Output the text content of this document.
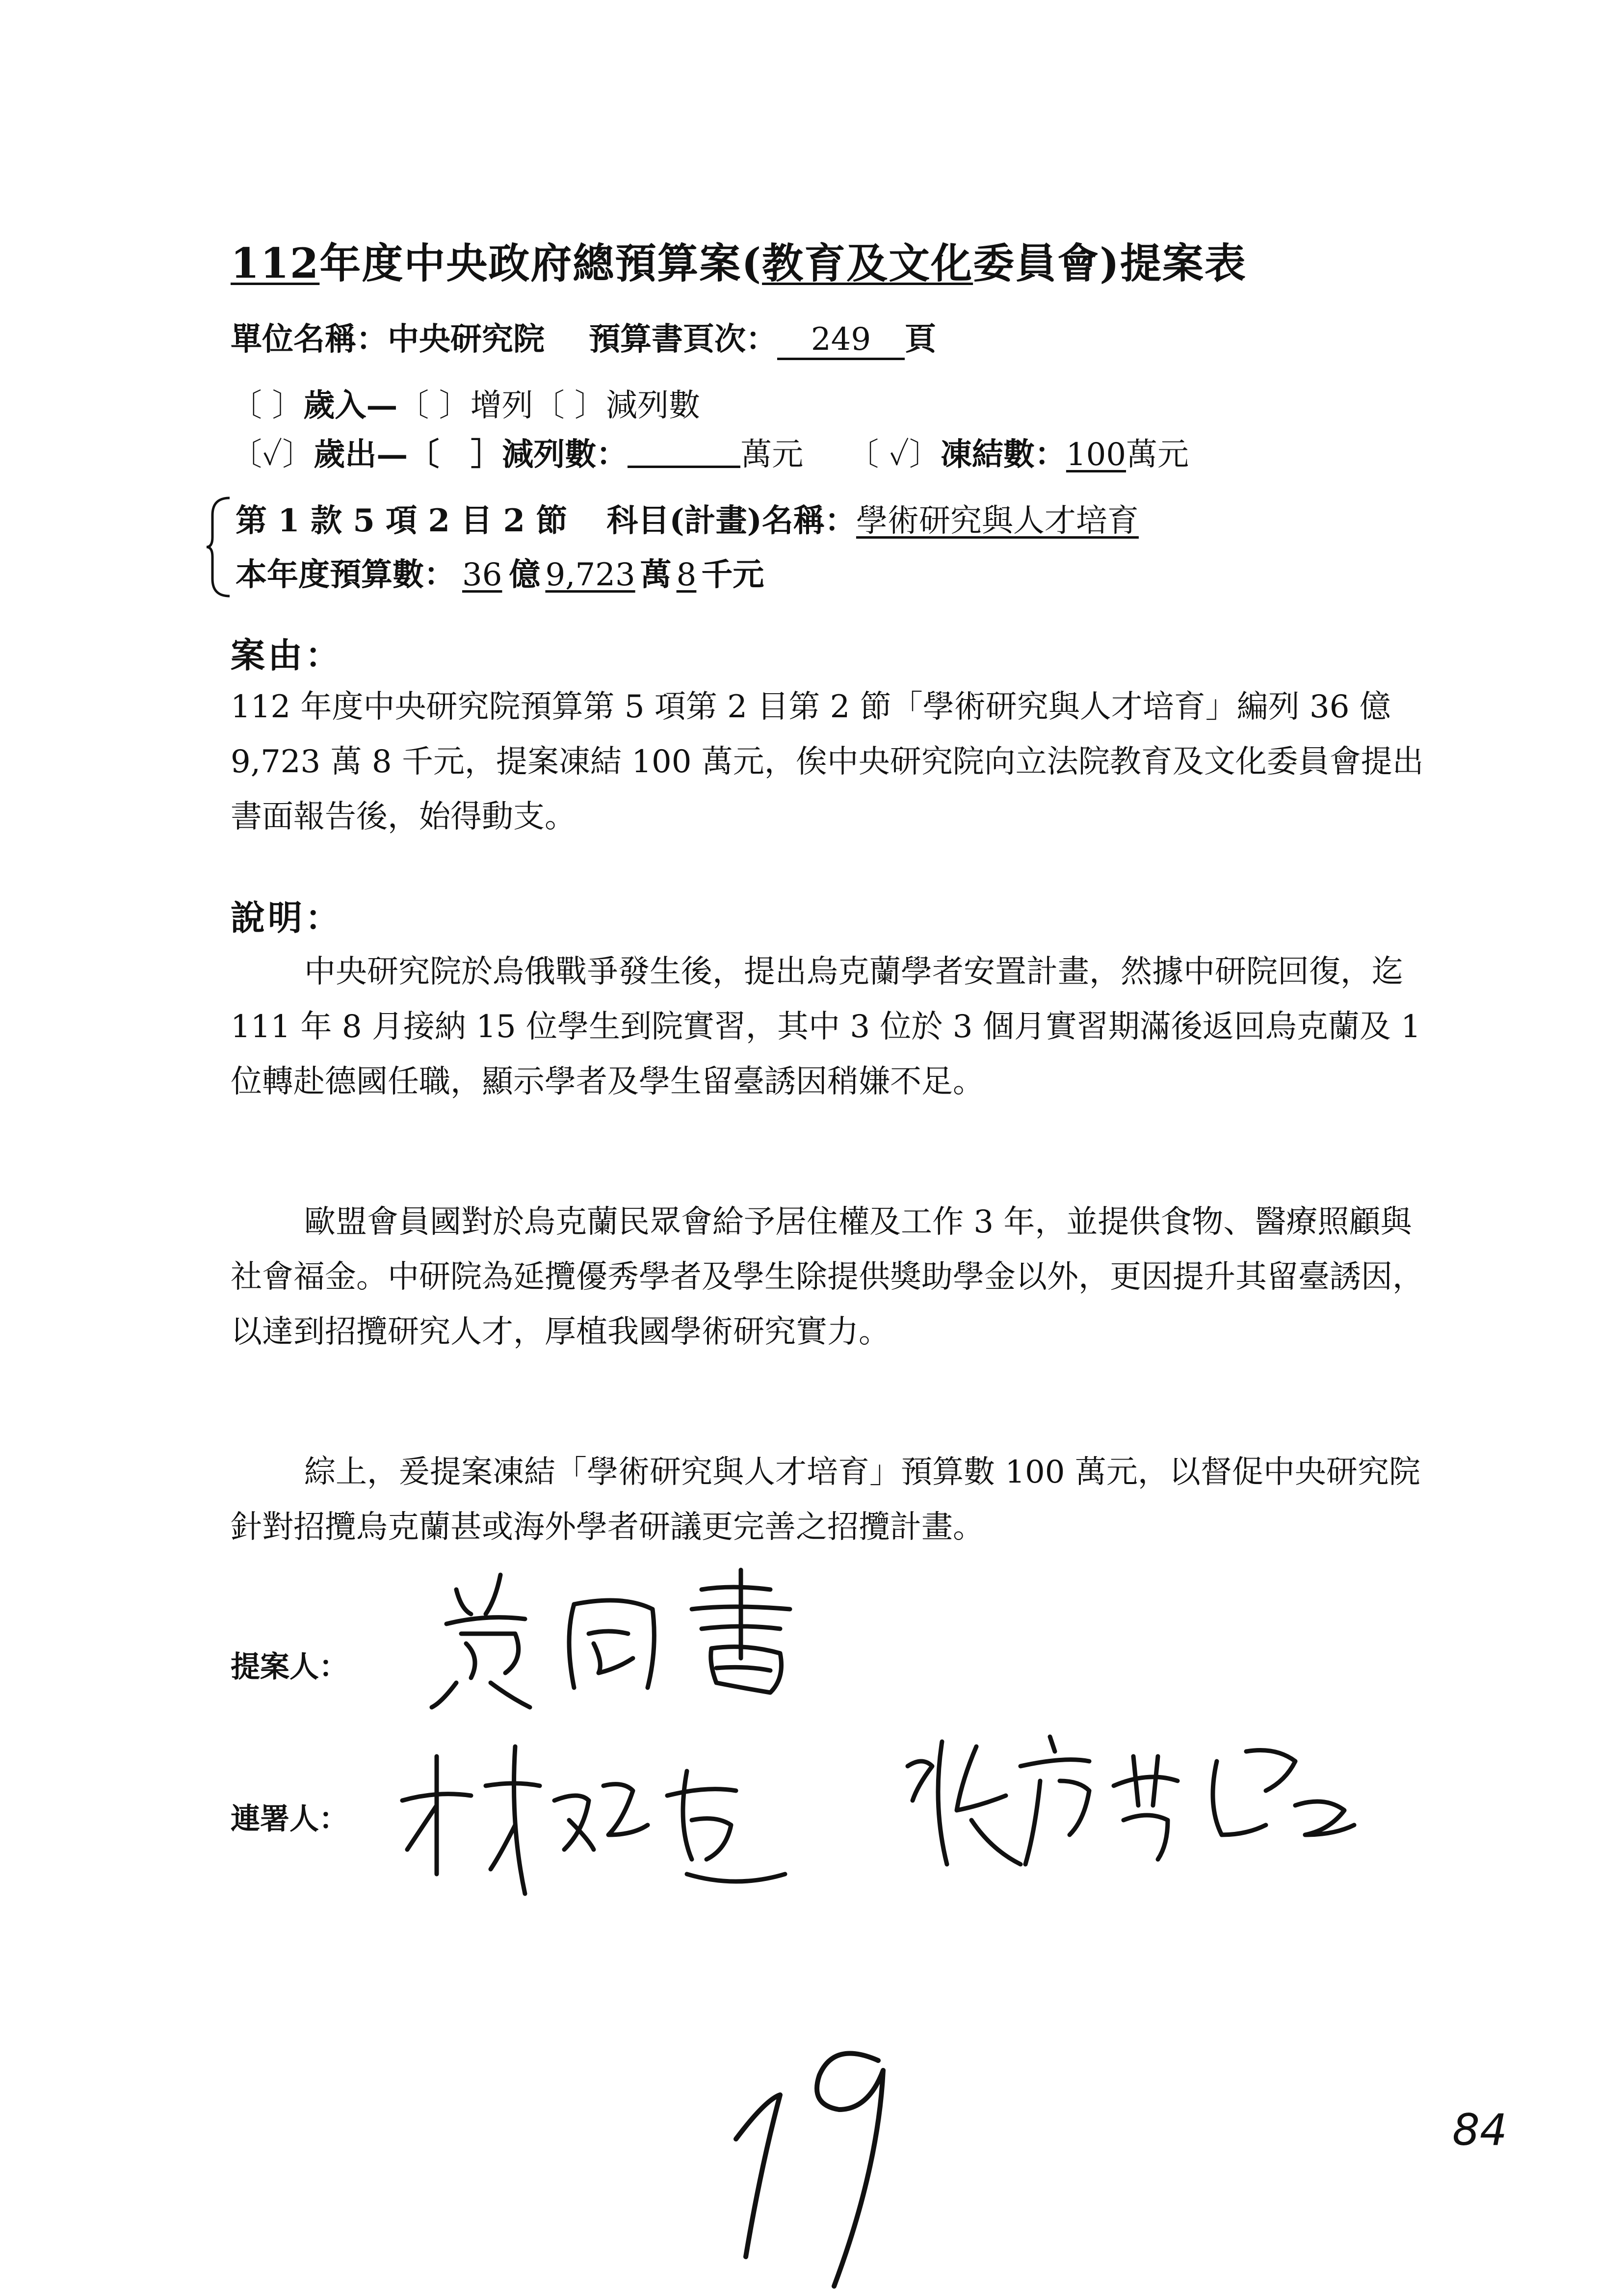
112年度中央政府總預算案(教育及文化委員會)提案表
單位名稱：中央研究院 預算書頁次： 249 頁
〔 〕歲入—〔 〕增列〔 〕減列數
〔✓〕歲出—〔　］減列數：	萬元 〔 ✓〕凍結數：100萬元
第 1 款 5 項 2 目 2 節 科目(計畫)名稱：學術研究與人才培育
本年度預算數： 36 億 9,723 萬 8 千元
案由：
112 年度中央研究院預算第 5 項第 2 目第 2 節「學術研究與人才培育」編列 36 億 9,723 萬 8 千元，提案凍結 100 萬元，俟中央研究院向立法院教育及文化委員會提出書面報告後，始得動支。
說明：
中央研究院於烏俄戰爭發生後，提出烏克蘭學者安置計畫，然據中研院回復，迄 111 年 8 月接納 15 位學生到院實習，其中 3 位於 3 個月實習期滿後返回烏克蘭及 1 位轉赴德國任職，顯示學者及學生留臺誘因稍嫌不足。
歐盟會員國對於烏克蘭民眾會給予居住權及工作 3 年，並提供食物、醫療照顧與社會福金。中研院為延攬優秀學者及學生除提供獎助學金以外，更因提升其留臺誘因，以達到招攬研究人才，厚植我國學術研究實力。
綜上，爰提案凍結「學術研究與人才培育」預算數 100 萬元，以督促中央研究院針對招攬烏克蘭甚或海外學者研議更完善之招攬計畫。
提案人：
連署人：
19
84
